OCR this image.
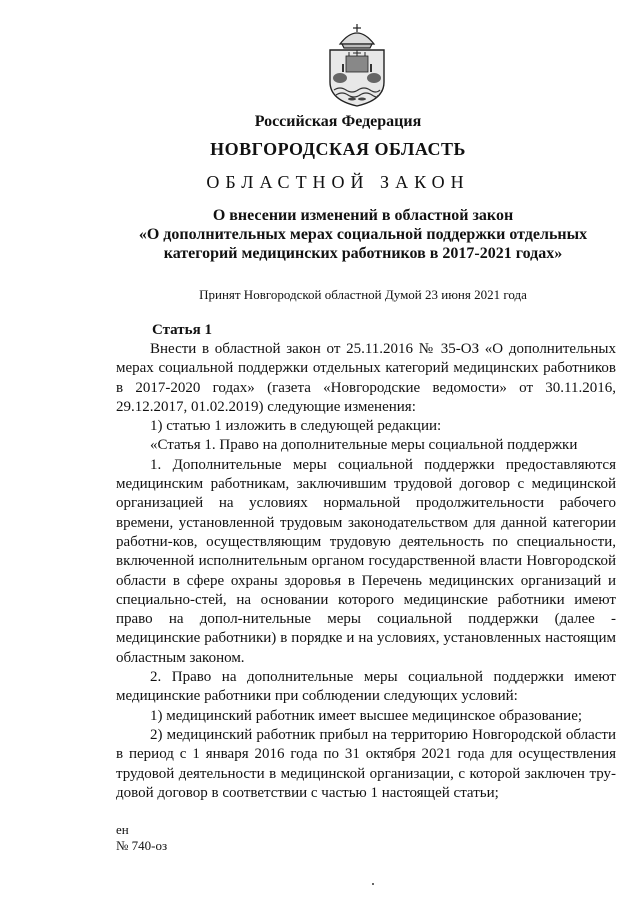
Российская Федерация
НОВГОРОДСКАЯ ОБЛАСТЬ
ОБЛАСТНОЙ ЗАКОН
О внесении изменений в областной закон
«О дополнительных мерах социальной поддержки отдельных
категорий медицинских работников в 2017-2021 годах»
Принят Новгородской областной Думой 23 июня 2021 года
Статья 1

Внести в областной закон от 25.11.2016 № 35-ОЗ «О дополнительных мерах социальной поддержки отдельных категорий медицинских работников в 2017-2020 годах» (газета «Новгородские ведомости» от 30.11.2016, 29.12.2017, 01.02.2019) следующие изменения:

1) статью 1 изложить в следующей редакции:

«Статья 1. Право на дополнительные меры социальной поддержки

1. Дополнительные меры социальной поддержки предоставляются медицинским работникам, заключившим трудовой договор с медицинской организацией на условиях нормальной продолжительности рабочего времени, установленной трудовым законодательством для данной категории работни-ков, осуществляющим трудовую деятельность по специальности, включенной исполнительным органом государственной власти Новгородской области в сфере охраны здоровья в Перечень медицинских организаций и специально-стей, на основании которого медицинские работники имеют право на допол-нительные меры социальной поддержки (далее - медицинские работники) в порядке и на условиях, установленных настоящим областным законом.

2. Право на дополнительные меры социальной поддержки имеют медицинские работники при соблюдении следующих условий:

1) медицинский работник имеет высшее медицинское образование;

2) медицинский работник прибыл на территорию Новгородской области в период с 1 января 2016 года по 31 октября 2021 года для осуществления трудовой деятельности в медицинской организации, с которой заключен тру-довой договор в соответствии с частью 1 настоящей статьи;

ен
№ 740-оз
